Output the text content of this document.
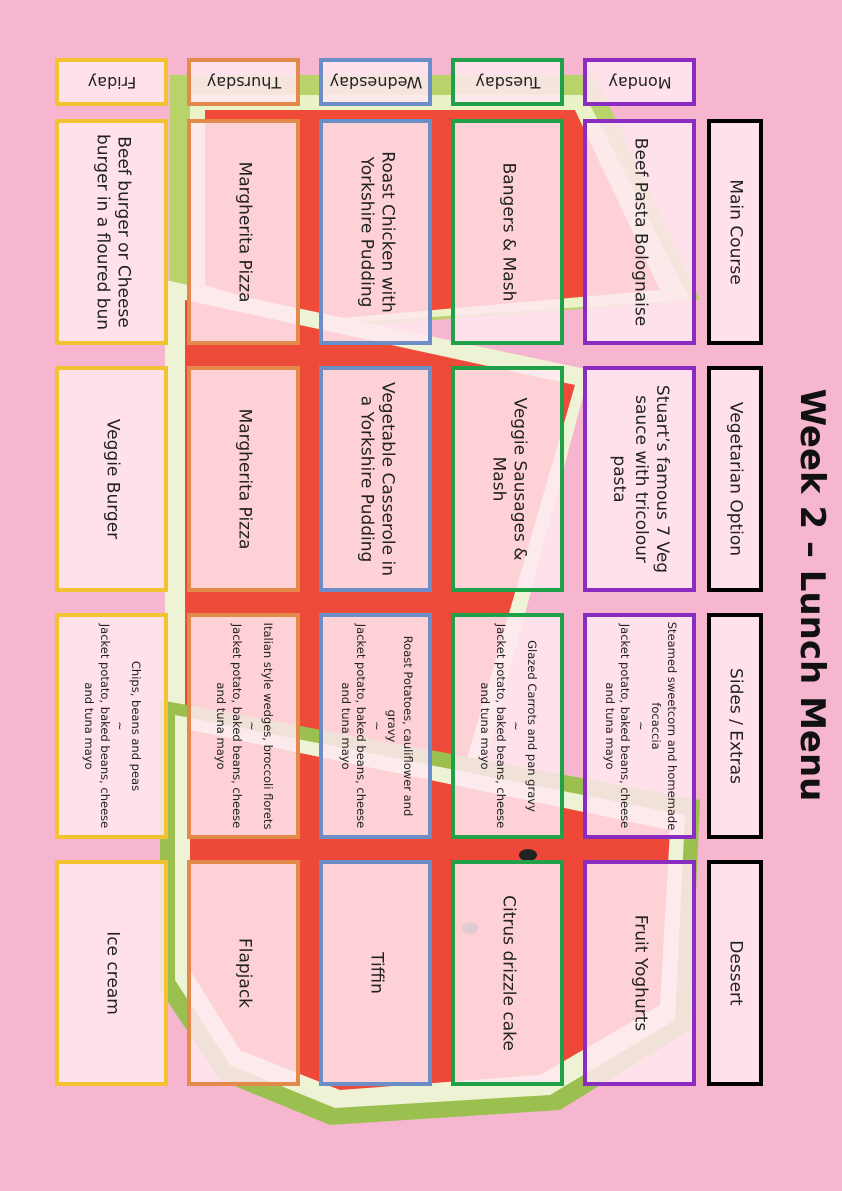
Week 2 – Lunch Menu
Main Course
Vegetarian Option
Sides / Extras
Dessert
Monday
Beef Pasta Bolognaise
Stuart’s famous 7 Veg sauce with tricolour pasta
Steamed sweetcorn and homemade focaccia
~
Jacket potato, baked beans, cheese and tuna mayo
Fruit Yoghurts
Tuesday
Bangers & Mash
Veggie Sausages & Mash
Glazed Carrots and pan gravy
~
Jacket potato, baked beans, cheese and tuna mayo
Citrus drizzle cake
Wednesday
Roast Chicken with Yorkshire Pudding
Vegetable Casserole in a Yorkshire Pudding
Roast Potatoes, cauliflower and gravy
~
Jacket potato, baked beans, cheese and tuna mayo
Tiffin
Thursday
Margherita Pizza
Margherita Pizza
Italian style wedges, broccoli florets
~
Jacket potato, baked beans, cheese and tuna mayo
Flapjack
Friday
Beef burger or Cheese burger in a floured bun
Veggie Burger
Chips, beans and peas
~
Jacket potato, baked beans, cheese and tuna mayo
Ice cream
